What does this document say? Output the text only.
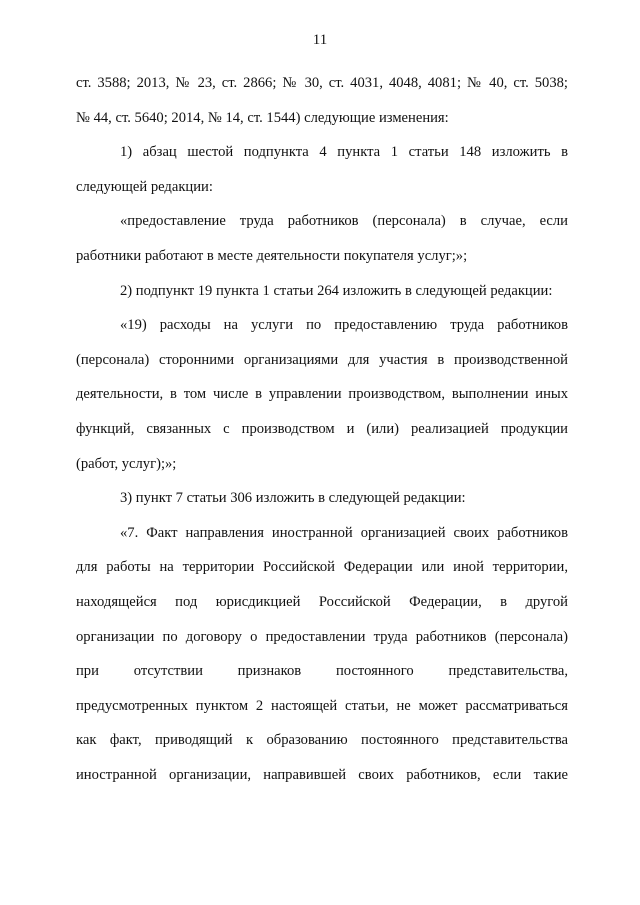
11
ст. 3588; 2013, № 23, ст. 2866; № 30, ст. 4031, 4048, 4081; № 40, ст. 5038;
№ 44, ст. 5640; 2014, № 14, ст. 1544) следующие изменения:
1) абзац шестой подпункта 4 пункта 1 статьи 148 изложить в
следующей редакции:
«предоставление труда работников (персонала) в случае, если
работники работают в месте деятельности покупателя услуг;»;
2) подпункт 19 пункта 1 статьи 264 изложить в следующей редакции:
«19) расходы на услуги по предоставлению труда работников
(персонала) сторонними организациями для участия в производственной
деятельности, в том числе в управлении производством, выполнении иных
функций, связанных с производством и (или) реализацией продукции
(работ, услуг);»;
3) пункт 7 статьи 306 изложить в следующей редакции:
«7. Факт направления иностранной организацией своих работников
для работы на территории Российской Федерации или иной территории,
находящейся под юрисдикцией Российской Федерации, в другой
организации по договору о предоставлении труда работников (персонала)
при отсутствии признаков постоянного представительства,
предусмотренных пунктом 2 настоящей статьи, не может рассматриваться
как факт, приводящий к образованию постоянного представительства
иностранной организации, направившей своих работников, если такие
